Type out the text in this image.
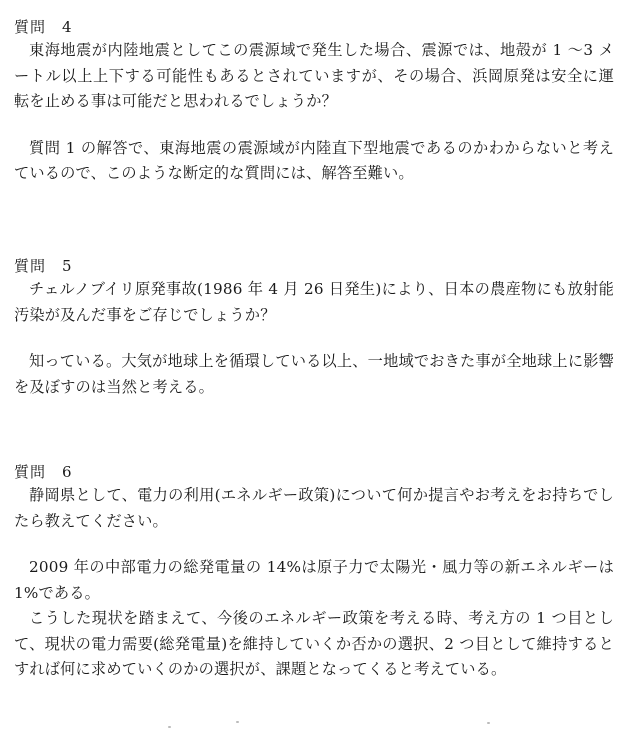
質問　4

東海地震が内陸地震としてこの震源域で発生した場合、震源では、地殻が 1 〜3 メートル以上上下する可能性もあるとされていますが、その場合、浜岡原発は安全に運転を止める事は可能だと思われるでしょうか？

質問 1 の解答で、東海地震の震源域が内陸直下型地震であるのかわからないと考えているので、このような断定的な質問には、解答至難い。

質問　5

チェルノブイリ原発事故(1986 年 4 月 26 日発生)により、日本の農産物にも放射能汚染が及んだ事をご存じでしょうか？

知っている。大気が地球上を循環している以上、一地域でおきた事が全地球上に影響を及ぼすのは当然と考える。

質問　6

静岡県として、電力の利用(エネルギー政策)について何か提言やお考えをお持ちでしたら教えてください。

2009 年の中部電力の総発電量の 14%は原子力で太陽光・風力等の新エネルギーは 1%である。

こうした現状を踏まえて、今後のエネルギー政策を考える時、考え方の 1 つ目として、現状の電力需要(総発電量)を維持していくか否かの選択、2 つ目として維持するとすれば何に求めていくのかの選択が、課題となってくると考えている。
